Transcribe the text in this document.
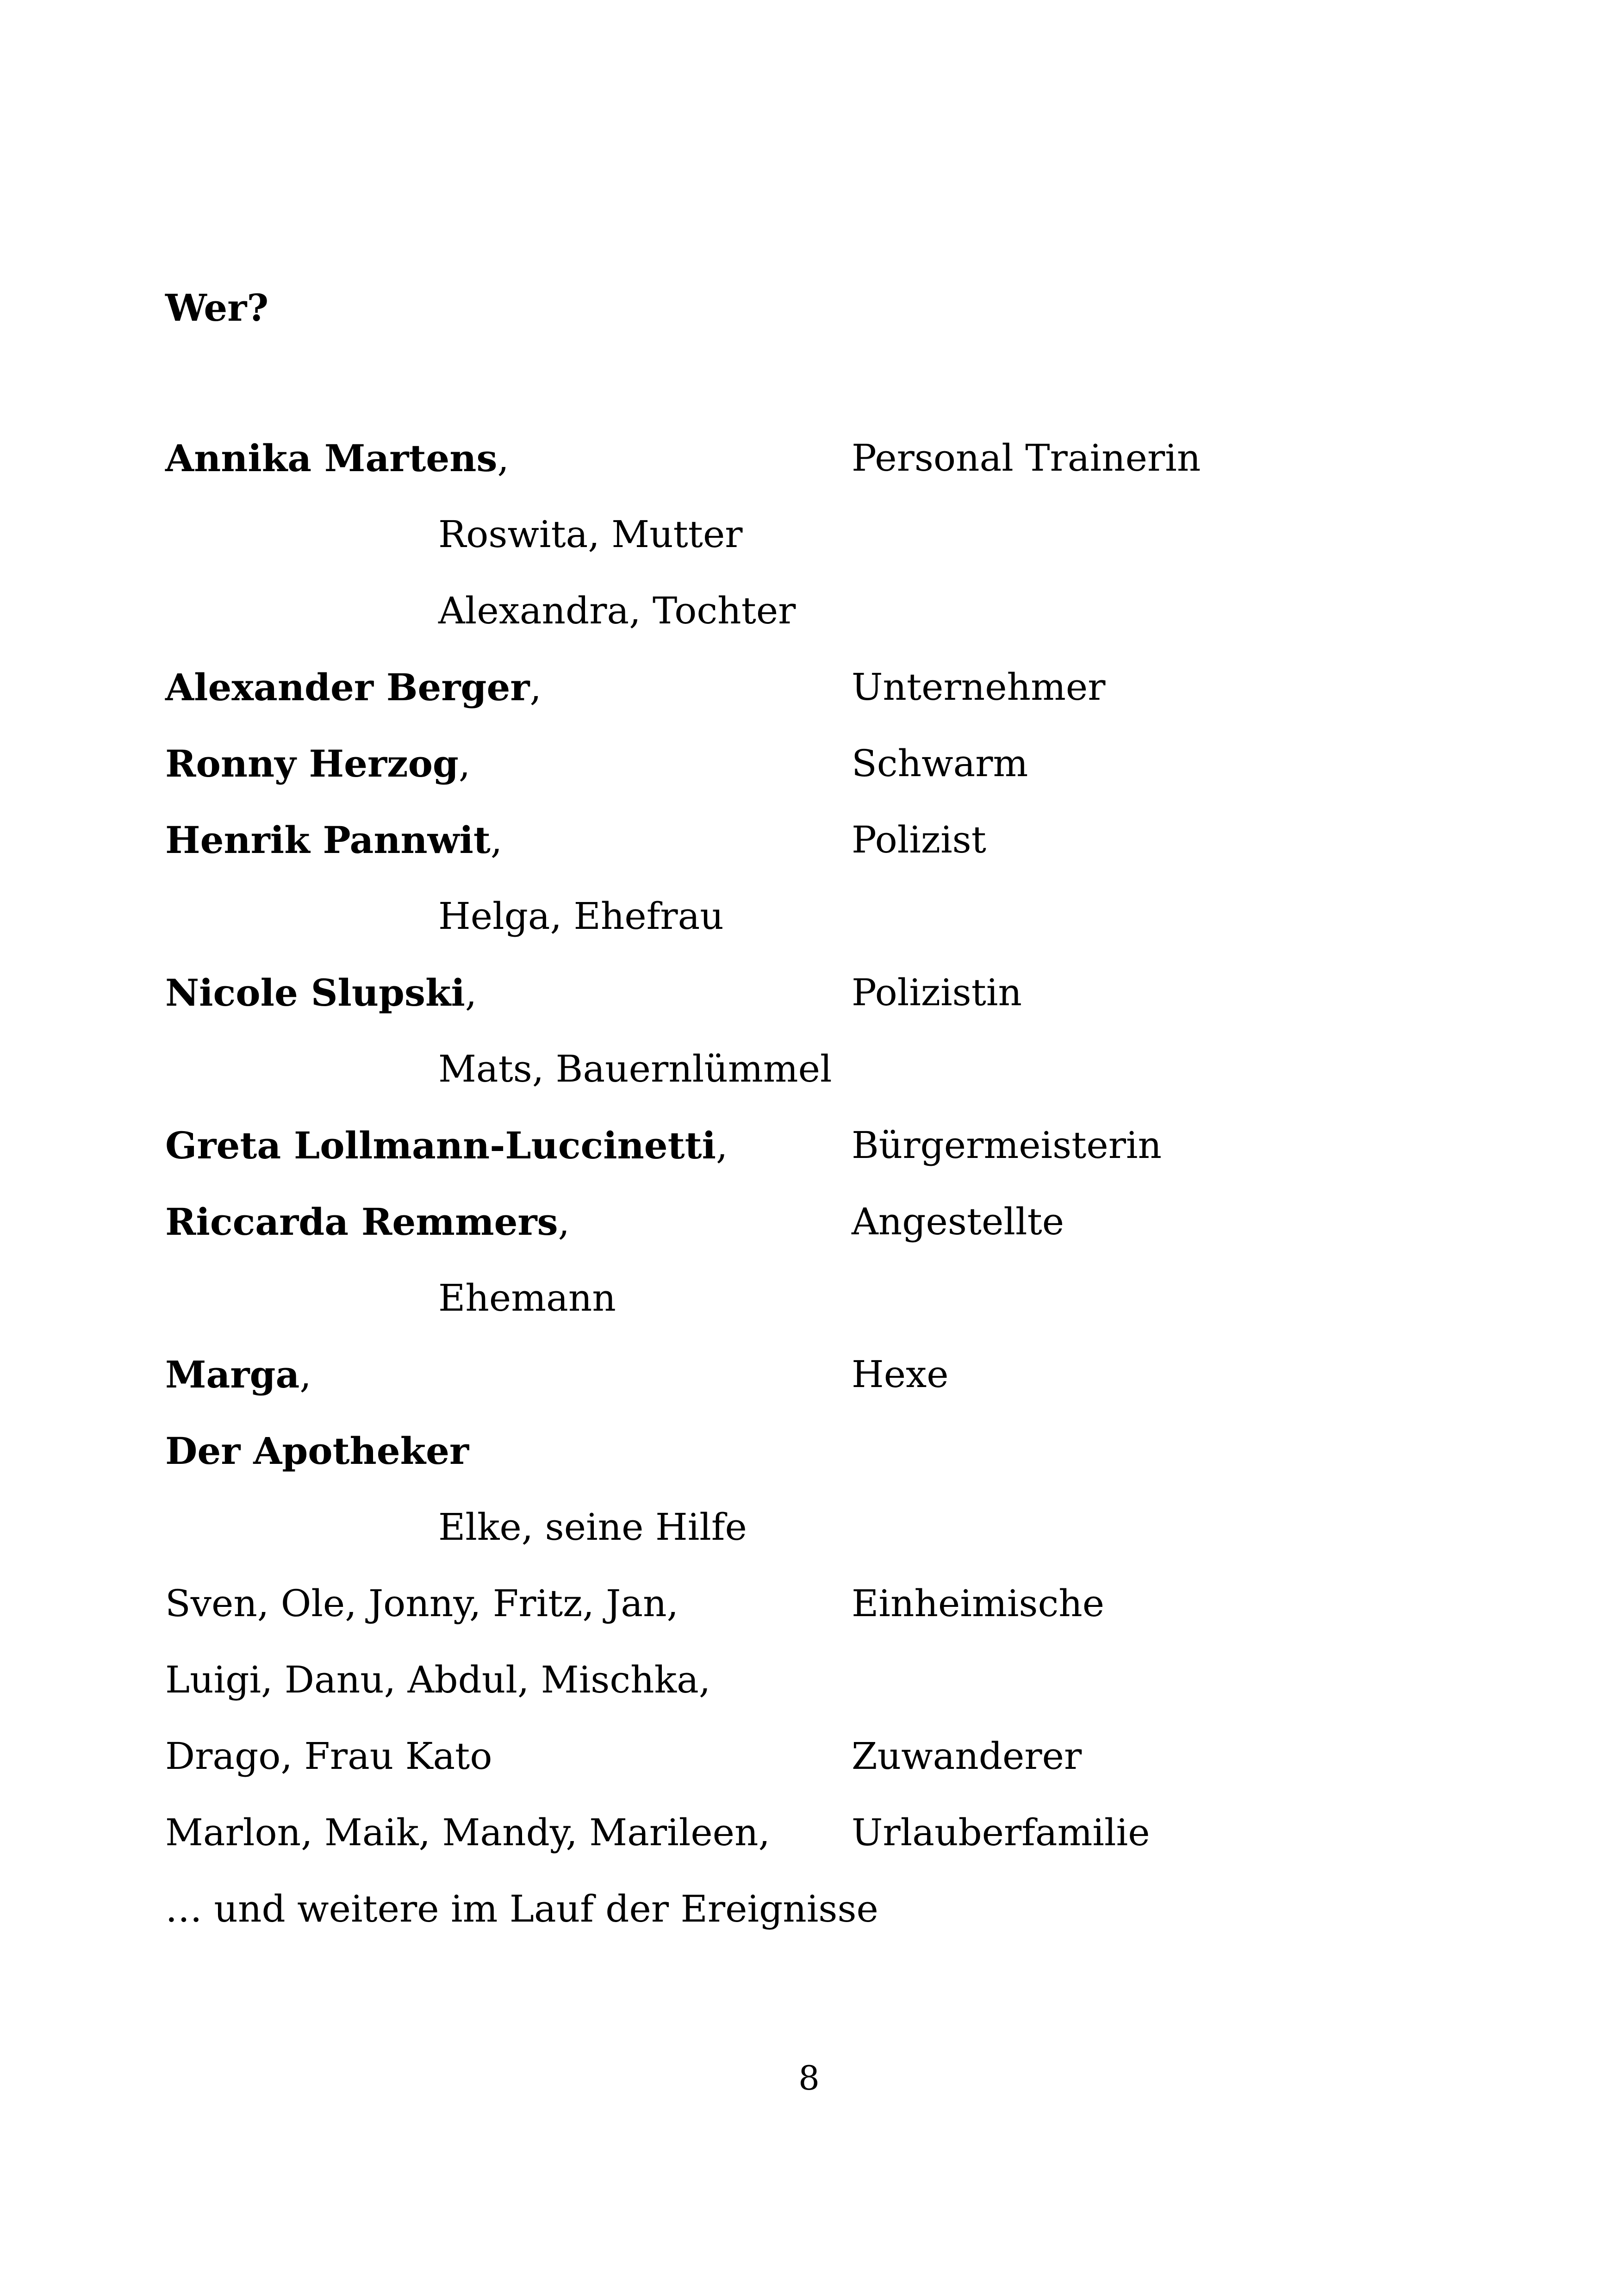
Wer?
Annika Martens,	Personal Trainerin
Roswita, Mutter
Alexandra, Tochter
Alexander Berger,	Unternehmer
Ronny Herzog,	Schwarm
Henrik Pannwit,	Polizist
Helga, Ehefrau
Nicole Slupski,	Polizistin
Mats, Bauernlümmel
Greta Lollmann-Luccinetti,	Bürgermeisterin
Riccarda Remmers,	Angestellte
Ehemann
Marga,	Hexe
Der Apotheker
Elke, seine Hilfe
Sven, Ole, Jonny, Fritz, Jan,	Einheimische
Luigi, Danu, Abdul, Mischka,
Drago, Frau Kato	Zuwanderer
Marlon, Maik, Mandy, Marileen, Urlauberfamilie
… und weitere im Lauf der Ereignisse
8
